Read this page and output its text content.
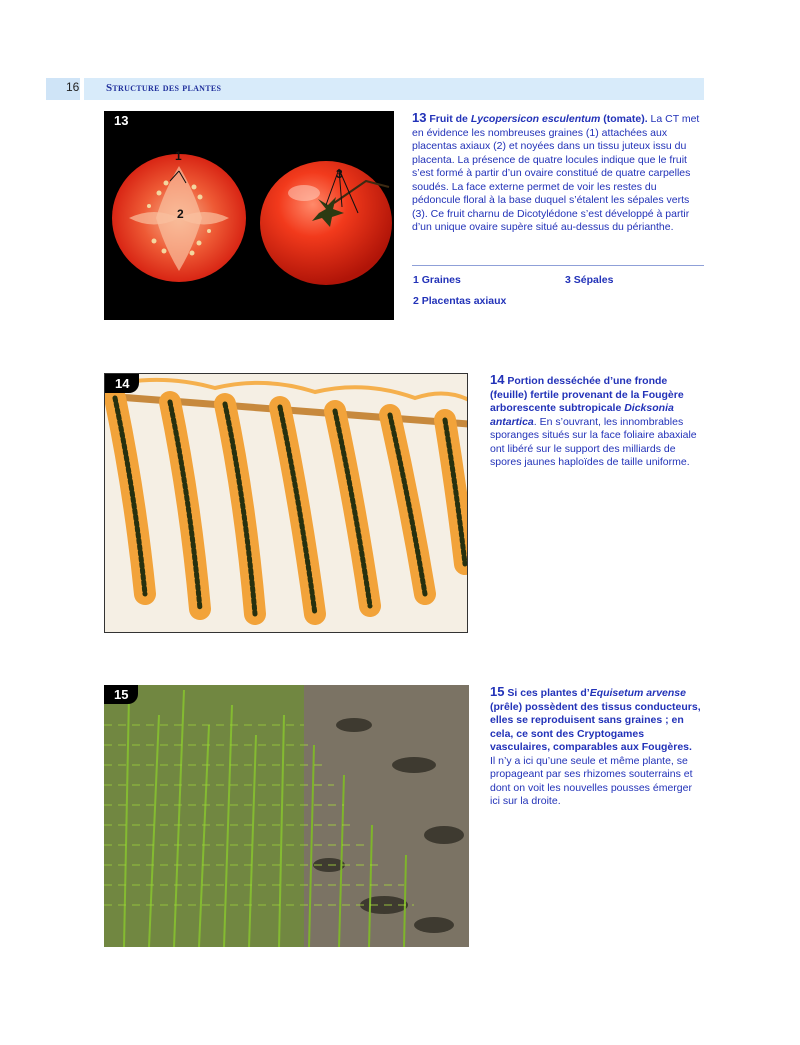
16 Structure des plantes
13
1
2
3
13 Fruit de Lycopersicon esculentum (tomate). La CT met en évidence les nombreuses graines (1) attachées aux placentas axiaux (2) et noyées dans un tissu juteux issu du placenta. La présence de quatre locules indique que le fruit s’est formé à partir d’un ovaire constitué de quatre carpelles soudés. La face externe permet de voir les restes du pédoncule floral à la base duquel s’étalent les sépales verts (3). Ce fruit charnu de Dicotylédone s’est développé à partir d’un unique ovaire supère situé au-dessus du périanthe.
1 Graines	3 Sépales
2 Placentas axiaux
14	14 Portion desséchée d’une fronde (feuille) fertile provenant de la Fougère arborescente subtropicale Dicksonia antartica. En s’ouvrant, les innombrables sporanges situés sur la face foliaire abaxiale ont libéré sur le support des milliards de spores jaunes haploïdes de taille uniforme.
15	15 Si ces plantes d’Equisetum arvense (prêle) possèdent des tissus conducteurs, elles se reproduisent sans graines ; en cela, ce sont des Cryptogames vasculaires, comparables aux Fougères.
Il n’y a ici qu’une seule et même plante, se propageant par ses rhizomes souterrains et dont on voit les nouvelles pousses émerger ici sur la droite.
